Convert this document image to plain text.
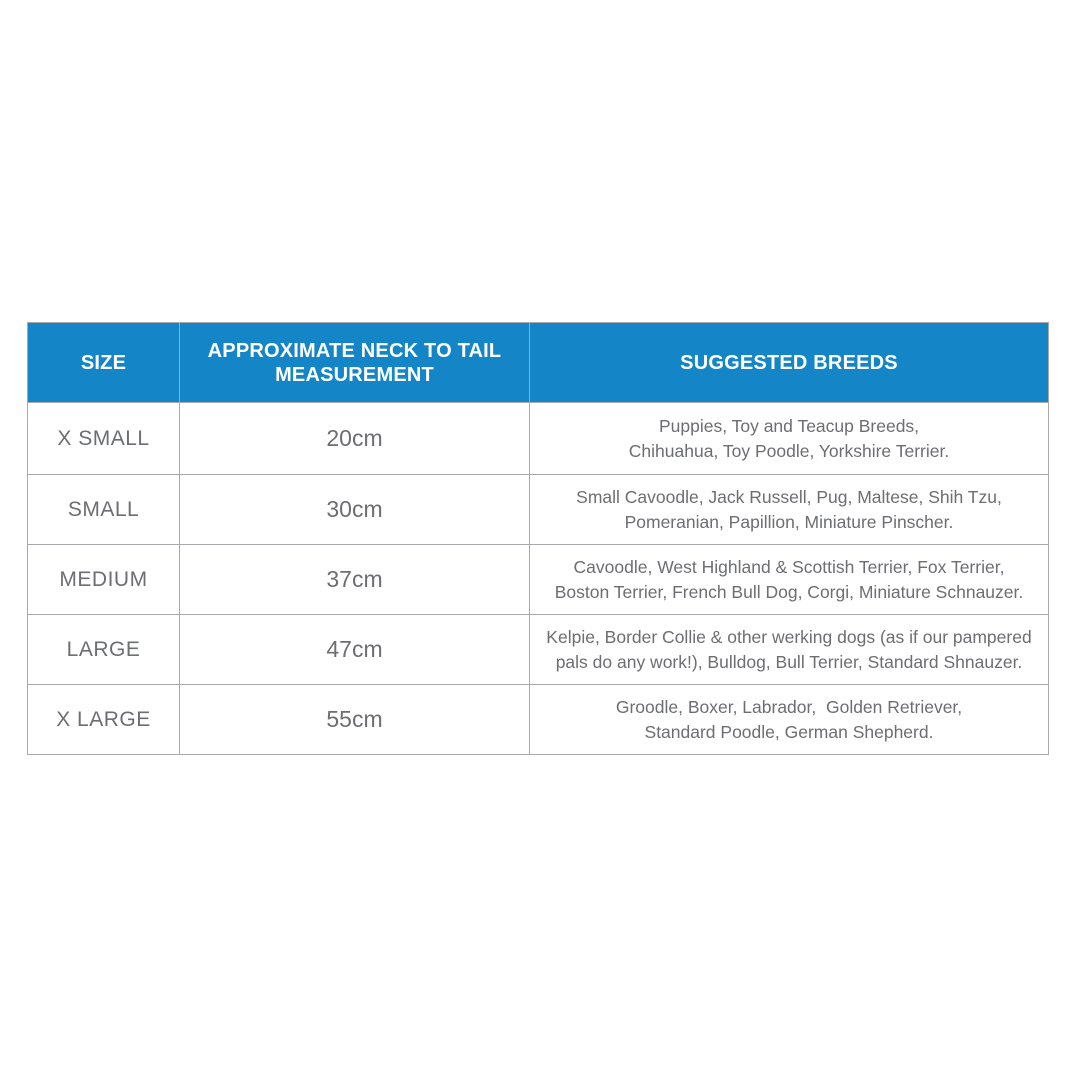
SIZE	APPROXIMATE NECK TO TAIL MEASUREMENT	SUGGESTED BREEDS
X SMALL	20cm	Puppies, Toy and Teacup Breeds,
Chihuahua, Toy Poodle, Yorkshire Terrier.

SMALL	30cm	Small Cavoodle, Jack Russell, Pug, Maltese, Shih Tzu,
Pomeranian, Papillion, Miniature Pinscher.

MEDIUM	37cm	Cavoodle, West Highland & Scottish Terrier, Fox Terrier,
Boston Terrier, French Bull Dog, Corgi, Miniature Schnauzer.

LARGE	47cm	Kelpie, Border Collie & other werking dogs (as if our pampered
pals do any work!), Bulldog, Bull Terrier, Standard Shnauzer.

X LARGE	55cm	Groodle, Boxer, Labrador,  Golden Retriever,
Standard Poodle, German Shepherd.
